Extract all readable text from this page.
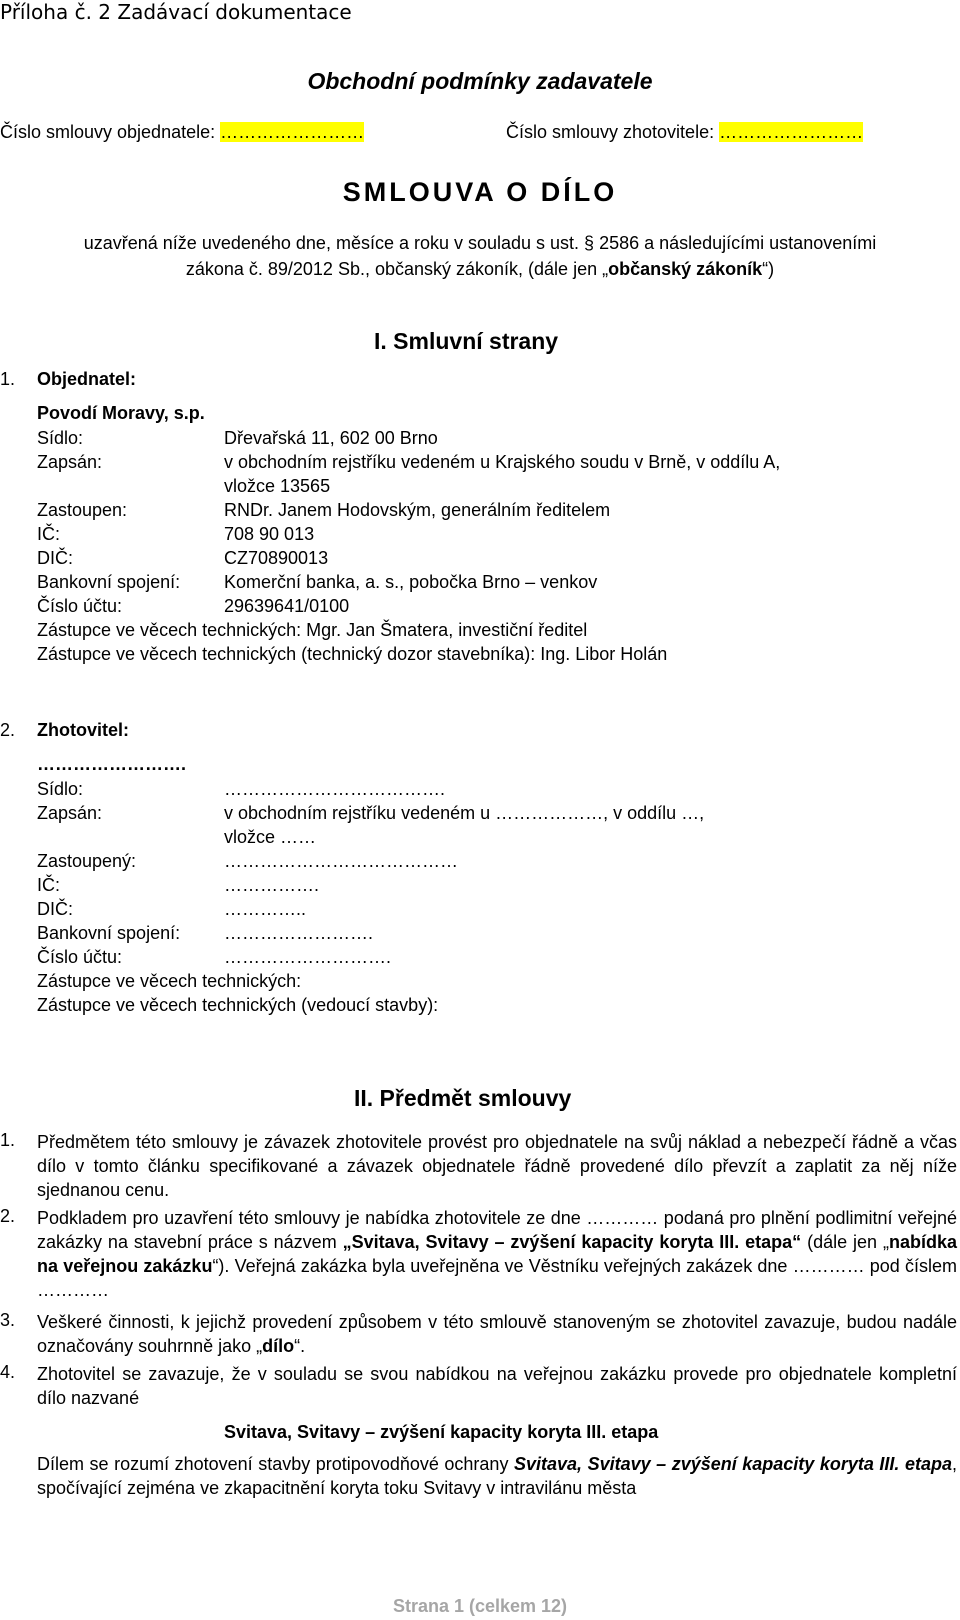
Příloha č. 2 Zadávací dokumentace
Obchodní podmínky zadavatele
Číslo smlouvy objednatele: ……………………	Číslo smlouvy zhotovitele: ……………………
SMLOUVA O DÍLO
uzavřená níže uvedeného dne, měsíce a roku v souladu s ust. § 2586 a následujícími ustanoveními
zákona č. 89/2012 Sb., občanský zákoník, (dále jen „občanský zákoník“)
I. Smluvní strany
1. Objednatel:
Povodí Moravy, s.p.
Sídlo:	Dřevařská 11, 602 00 Brno
Zapsán:	v obchodním rejstříku vedeném u Krajského soudu v Brně, v oddílu A,
vložce 13565
Zastoupen:	RNDr. Janem Hodovským, generálním ředitelem
IČ:	708 90 013
DIČ:	CZ70890013
Bankovní spojení: Komerční banka, a. s., pobočka Brno – venkov
Číslo účtu:	29639641/0100
Zástupce ve věcech technických: Mgr. Jan Šmatera, investiční ředitel
Zástupce ve věcech technických (technický dozor stavebníka): Ing. Libor Holán
2. Zhotovitel:
…………………….
Sídlo:	……………………………….
Zapsán:	v obchodním rejstříku vedeném u ………………, v oddílu …,
vložce ……
Zastoupený:	…………………………………
IČ:	…………….
DIČ:	…………..
Bankovní spojení: …………………….
Číslo účtu:	……………………….
Zástupce ve věcech technických:
Zástupce ve věcech technických (vedoucí stavby):
II. Předmět smlouvy
1. Předmětem této smlouvy je závazek zhotovitele provést pro objednatele na svůj náklad a nebezpečí řádně a včas dílo v tomto článku specifikované a závazek objednatele řádně provedené dílo převzít a zaplatit za něj níže sjednanou cenu.
2. Podkladem pro uzavření této smlouvy je nabídka zhotovitele ze dne ………… podaná pro plnění podlimitní veřejné zakázky na stavební práce s názvem „Svitava, Svitavy – zvýšení kapacity koryta III. etapa“ (dále jen „nabídka na veřejnou zakázku“). Veřejná zakázka byla uveřejněna ve Věstníku veřejných zakázek dne ………… pod číslem …………
3. Veškeré činnosti, k jejichž provedení způsobem v této smlouvě stanoveným se zhotovitel zavazuje, budou nadále označovány souhrnně jako „dílo“.
4. Zhotovitel se zavazuje, že v souladu se svou nabídkou na veřejnou zakázku provede pro objednatele kompletní dílo nazvané
Svitava, Svitavy – zvýšení kapacity koryta III. etapa
Dílem se rozumí zhotovení stavby protipovodňové ochrany Svitava, Svitavy – zvýšení kapacity koryta III. etapa, spočívající zejména ve zkapacitnění koryta toku Svitavy v intravilánu města
Strana 1 (celkem 12)
